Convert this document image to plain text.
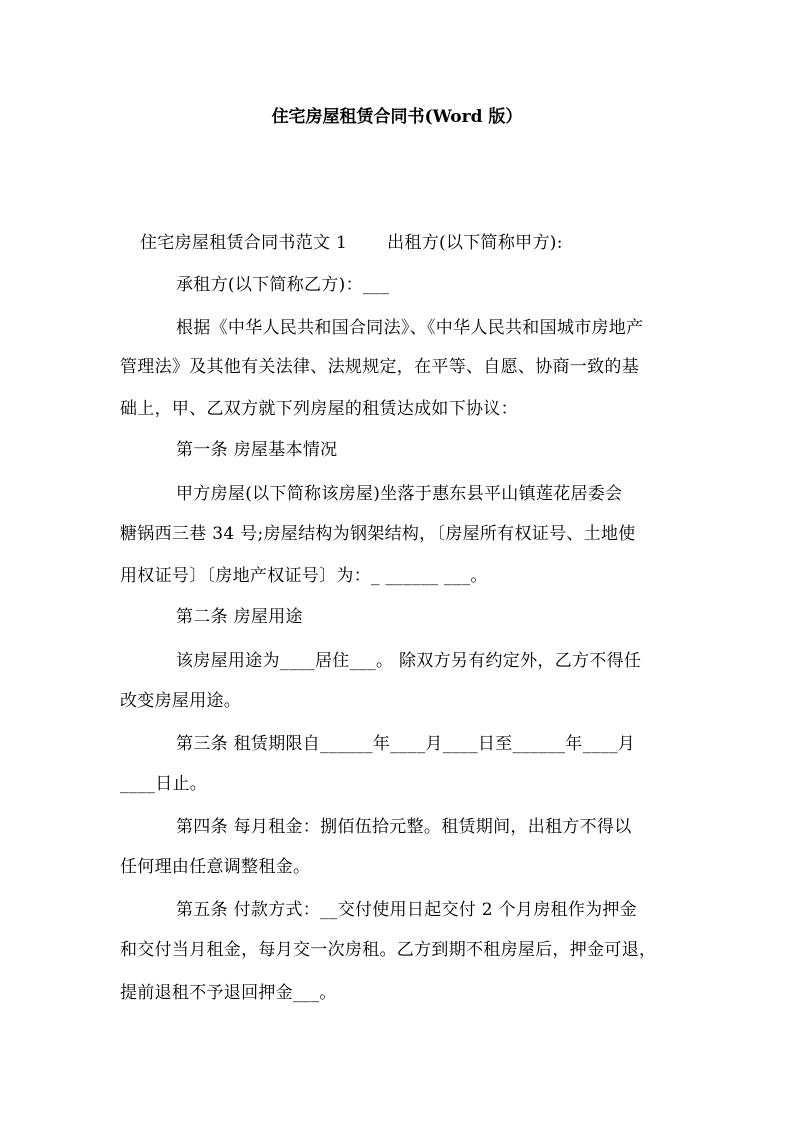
住宅房屋租赁合同书(Word 版）
住宅房屋租赁合同书范文 1 出租方(以下简称甲方):
承租方(以下简称乙方)：___
根据《中华人民共和国合同法》、《中华人民共和国城市房地产
管理法》及其他有关法律、法规规定，在平等、自愿、协商一致的基
础上，甲、乙双方就下列房屋的租赁达成如下协议：
第一条 房屋基本情况
甲方房屋(以下简称该房屋)坐落于惠东县平山镇莲花居委会
糖锅西三巷 34 号;房屋结构为钢架结构，〔房屋所有权证号、土地使
用权证号〕〔房地产权证号〕为：_ ______ ___。
第二条 房屋用途
该房屋用途为____居住___。 除双方另有约定外，乙方不得任
改变房屋用途。
第三条 租赁期限自______年____月____日至______年____月
____日止。
第四条 每月租金：捌佰伍拾元整。租赁期间，出租方不得以
任何理由任意调整租金。
第五条 付款方式：__交付使用日起交付 2 个月房租作为押金
和交付当月租金，每月交一次房租。乙方到期不租房屋后，押金可退，
提前退租不予退回押金___。
